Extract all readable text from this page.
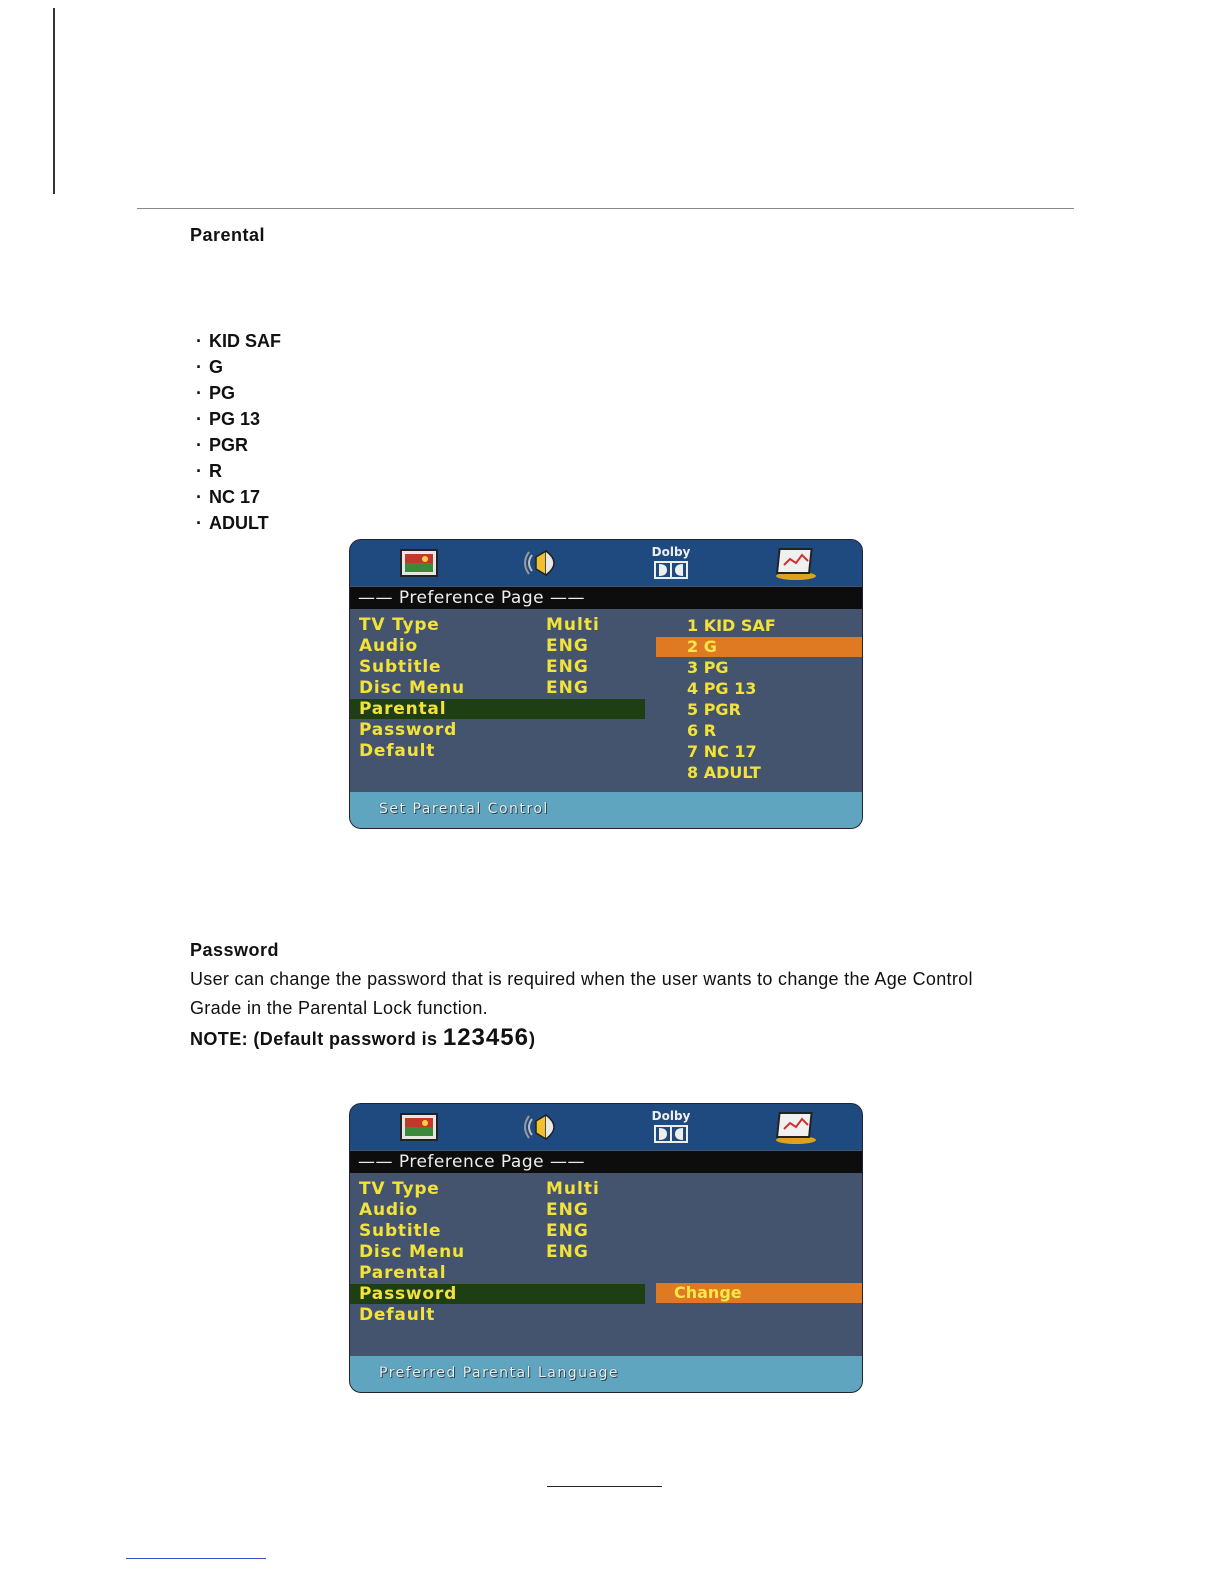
Parental
· KID SAF
· G
· PG
· PG 13
· PGR
· R
· NC 17
· ADULT
Dolby
—— Preference Page ——
TV Type	Multi
Audio	ENG
Subtitle	ENG
Disc Menu	ENG
Parental
Password
Default
1 KID SAF
2 G
3 PG
4 PG 13
5 PGR
6 R
7 NC 17
8 ADULT
Set Parental Control
Password
User can change the password that is required when the user wants to change the Age Control
Grade in the Parental Lock function.
NOTE: (Default password is 123456)
Dolby
—— Preference Page ——
TV Type	Multi
Audio	ENG
Subtitle	ENG
Disc Menu	ENG
Parental
Password
Default
Change
Preferred Parental Language
